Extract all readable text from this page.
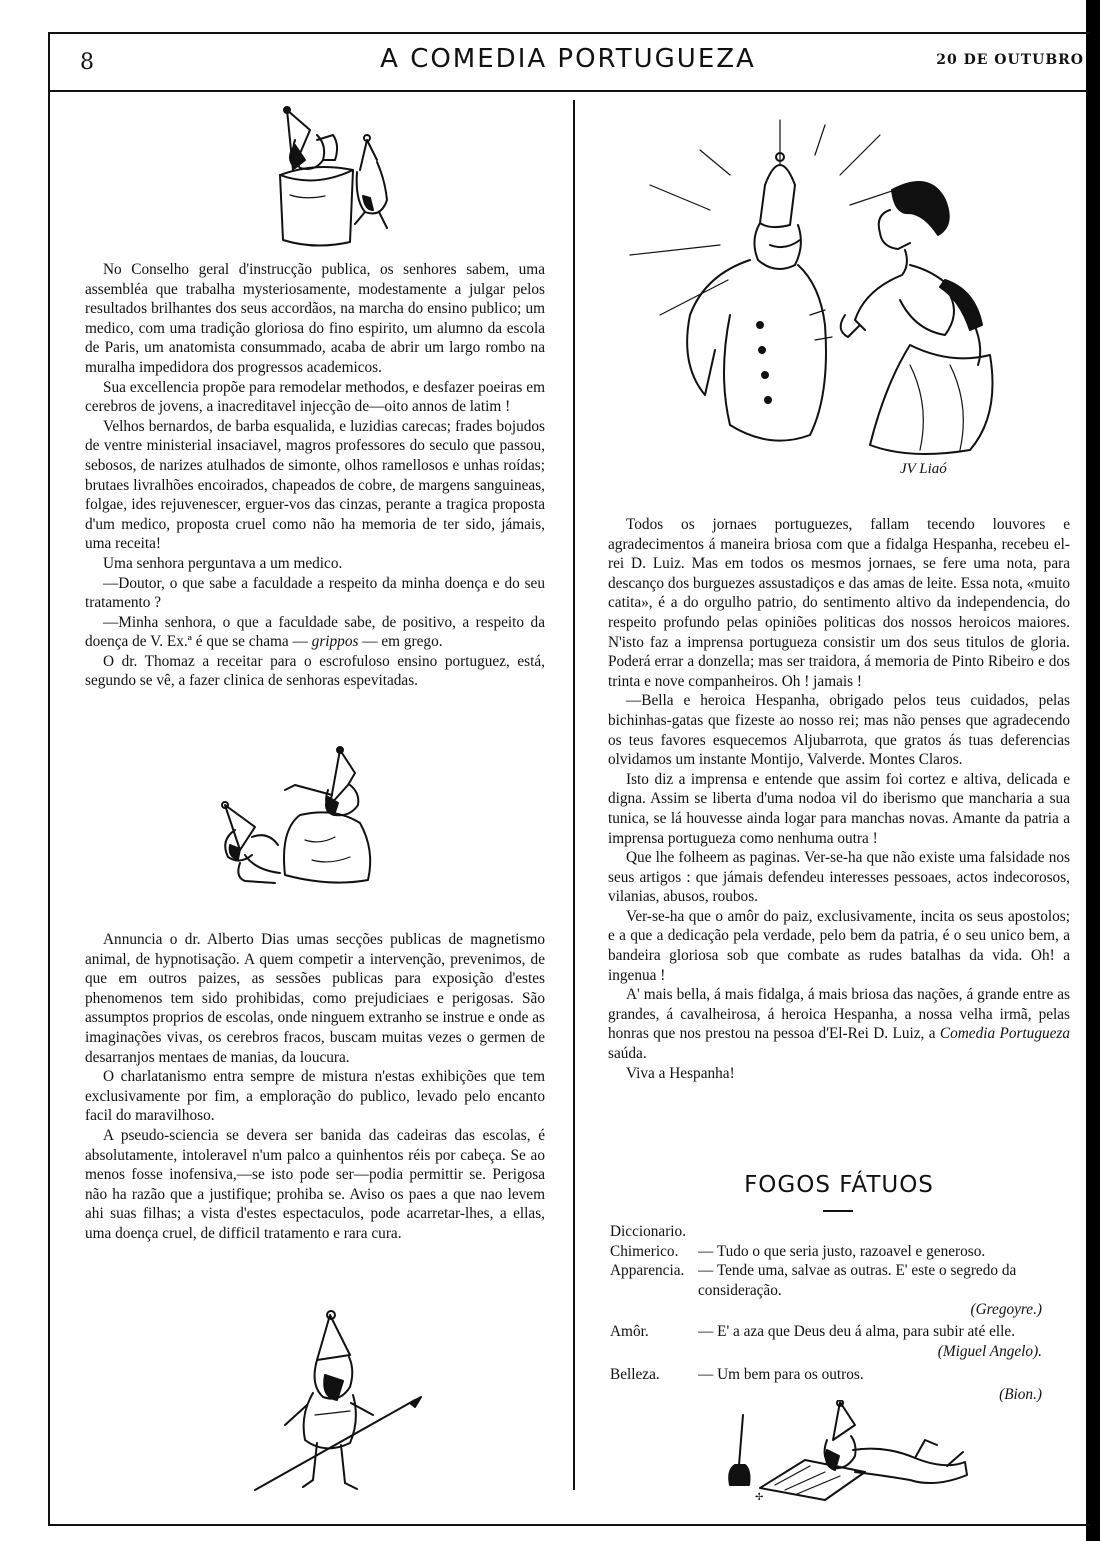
8	A COMEDIA PORTUGUEZA	20 DE OUTUBRO

No Conselho geral d'instrucção publica, os senhores sabem, uma assembléa que trabalha mysteriosamente, modestamente a julgar pelos resultados brilhantes dos seus accordãos, na marcha do ensino publico; um medico, com uma tradição gloriosa do fino espirito, um alumno da escola de Paris, um anatomista consummado, acaba de abrir um largo rombo na muralha impedidora dos progressos academicos.

Sua excellencia propõe para remodelar methodos, e desfazer poeiras em cerebros de jovens, a inacreditavel injecção de—oito annos de latim !

Velhos bernardos, de barba esqualida, e luzidias carecas; frades bojudos de ventre ministerial insaciavel, magros professores do seculo que passou, sebosos, de narizes atulhados de simonte, olhos ramellosos e unhas roídas; brutaes livralhões encoirados, chapeados de cobre, de margens sanguineas, folgae, ides rejuvenescer, erguer-vos das cinzas, perante a tragica proposta d'um medico, proposta cruel como não ha memoria de ter sido, jámais, uma receita!

Uma senhora perguntava a um medico.

—Doutor, o que sabe a faculdade a respeito da minha doença e do seu tratamento ?

—Minha senhora, o que a faculdade sabe, de positivo, a respeito da doença de V. Ex.ª é que se chama — grippos — em grego.

O dr. Thomaz a receitar para o escrofuloso ensino portuguez, está, segundo se vê, a fazer clinica de senhoras espevitadas.

Annuncia o dr. Alberto Dias umas secções publicas de magnetismo animal, de hypnotisação. A quem competir a intervenção, prevenimos, de que em outros paizes, as sessões publicas para exposição d'estes phenomenos tem sido prohibidas, como prejudiciaes e perigosas. São assumptos proprios de escolas, onde ninguem extranho se instrue e onde as imaginações vivas, os cerebros fracos, buscam muitas vezes o germen de desarranjos mentaes de manias, da loucura.

O charlatanismo entra sempre de mistura n'estas exhibições que tem exclusivamente por fim, a emploração do publico, levado pelo encanto facil do maravilhoso.

A pseudo-sciencia se devera ser banida das cadeiras das escolas, é absolutamente, intoleravel n'um palco a quinhentos réis por cabeça. Se ao menos fosse inofensiva,—se isto pode ser—podia permittir se. Perigosa não ha razão que a justifique; prohiba se. Aviso os paes a que nao levem ahi suas filhas; a vista d'estes espectaculos, pode acarretar-lhes, a ellas, uma doença cruel, de difficil tratamento e rara cura.

JV Liaó

Todos os jornaes portuguezes, fallam tecendo louvores e agradecimentos á maneira briosa com que a fidalga Hespanha, recebeu el-rei D. Luiz. Mas em todos os mesmos jornaes, se fere uma nota, para descanço dos burguezes assustadiços e das amas de leite. Essa nota, «muito catita», é a do orgulho patrio, do sentimento altivo da independencia, do respeito profundo pelas opiniões politicas dos nossos heroicos maiores. N'isto faz a imprensa portugueza consistir um dos seus titulos de gloria. Poderá errar a donzella; mas ser traidora, á memoria de Pinto Ribeiro e dos trinta e nove companheiros. Oh ! jamais !

—Bella e heroica Hespanha, obrigado pelos teus cuidados, pelas bichinhas-gatas que fizeste ao nosso rei; mas não penses que agradecendo os teus favores esquecemos Aljubarrota, que gratos ás tuas deferencias olvidamos um instante Montijo, Valverde. Montes Claros.

Isto diz a imprensa e entende que assim foi cortez e altiva, delicada e digna. Assim se liberta d'uma nodoa vil do iberismo que mancharia a sua tunica, se lá houvesse ainda logar para manchas novas. Amante da patria a imprensa portugueza como nenhuma outra !

Que lhe folheem as paginas. Ver-se-ha que não existe uma falsidade nos seus artigos : que jámais defendeu interesses pessoaes, actos indecorosos, vilanias, abusos, roubos.

Ver-se-ha que o amôr do paiz, exclusivamente, incita os seus apostolos; e a que a dedicação pela verdade, pelo bem da patria, é o seu unico bem, a bandeira gloriosa sob que combate as rudes batalhas da vida. Oh! a ingenua !

A' mais bella, á mais fidalga, á mais briosa das nações, á grande entre as grandes, á cavalheirosa, á heroica Hespanha, a nossa velha irmã, pelas honras que nos prestou na pessoa d'El-Rei D. Luiz, a Comedia Portugueza saúda.

Viva a Hespanha!

FOGOS FÁTUOS
Diccionario.
Chimerico.	— Tudo o que seria justo, razoavel e generoso.
Apparencia. — Tende uma, salvae as outras. E' este o segredo da consideração.
(Gregoyre.)
Amôr.	— E' a aza que Deus deu á alma, para subir até elle.
(Miguel Angelo).
Belleza.	— Um bem para os outros.
(Bion.)
✢
